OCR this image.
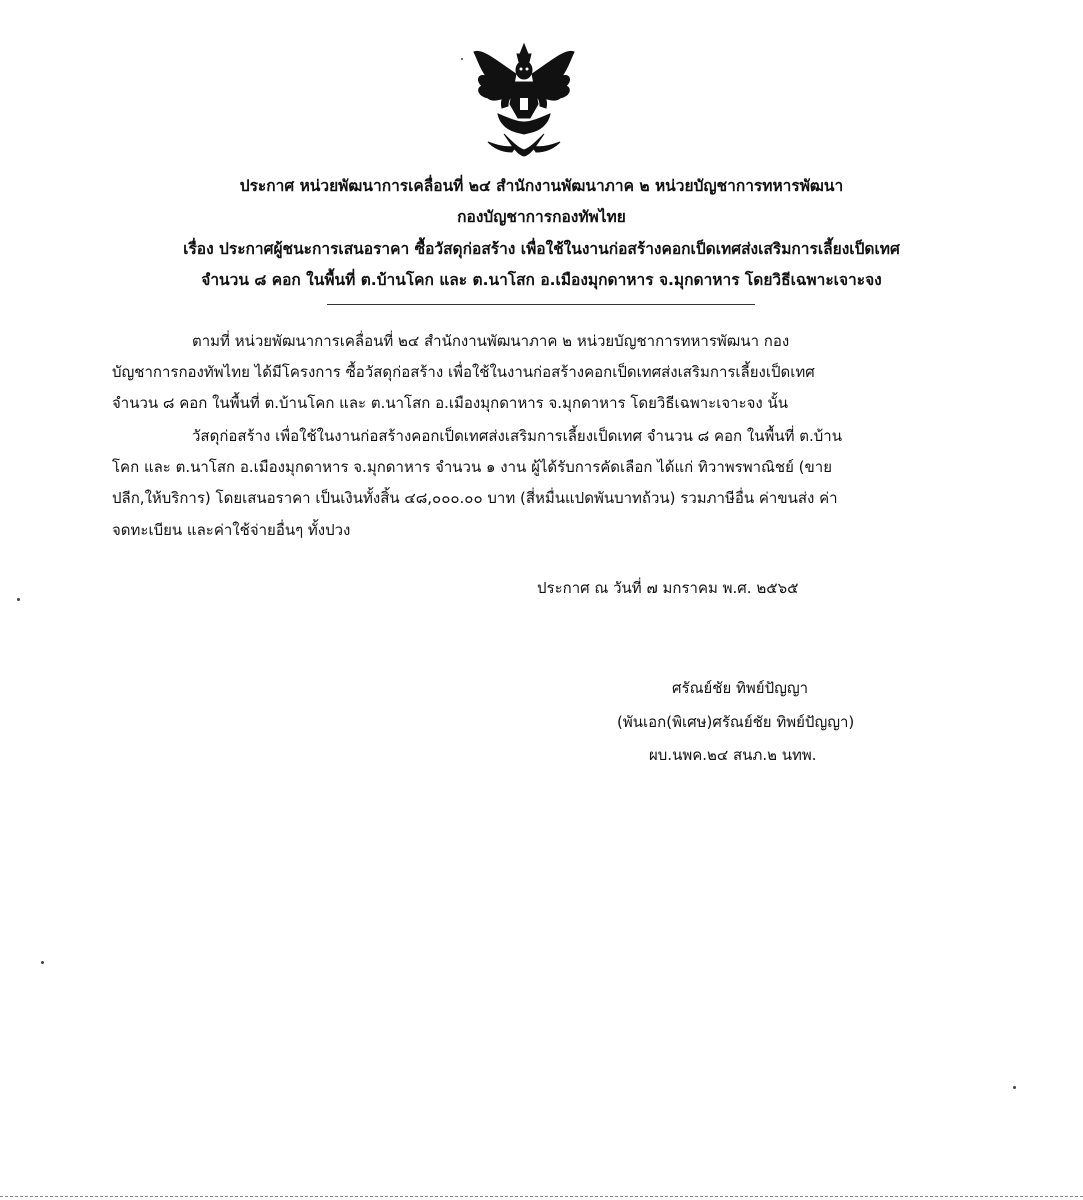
ประกาศ หน่วยพัฒนาการเคลื่อนที่ ๒๔ สำนักงานพัฒนาภาค ๒ หน่วยบัญชาการทหารพัฒนา
กองบัญชาการกองทัพไทย
เรื่อง ประกาศผู้ชนะการเสนอราคา ซื้อวัสดุก่อสร้าง เพื่อใช้ในงานก่อสร้างคอกเป็ดเทศส่งเสริมการเลี้ยงเป็ดเทศ
จำนวน ๘ คอก ในพื้นที่ ต.บ้านโคก และ ต.นาโสก อ.เมืองมุกดาหาร จ.มุกดาหาร โดยวิธีเฉพาะเจาะจง
ตามที่ หน่วยพัฒนาการเคลื่อนที่ ๒๔ สำนักงานพัฒนาภาค ๒ หน่วยบัญชาการทหารพัฒนา กอง
บัญชาการกองทัพไทย ได้มีโครงการ ซื้อวัสดุก่อสร้าง เพื่อใช้ในงานก่อสร้างคอกเป็ดเทศส่งเสริมการเลี้ยงเป็ดเทศ
จำนวน ๘ คอก ในพื้นที่ ต.บ้านโคก และ ต.นาโสก อ.เมืองมุกดาหาร จ.มุกดาหาร โดยวิธีเฉพาะเจาะจง นั้น
วัสดุก่อสร้าง เพื่อใช้ในงานก่อสร้างคอกเป็ดเทศส่งเสริมการเลี้ยงเป็ดเทศ จำนวน ๘ คอก ในพื้นที่ ต.บ้าน
โคก และ ต.นาโสก อ.เมืองมุกดาหาร จ.มุกดาหาร จำนวน ๑ งาน ผู้ได้รับการคัดเลือก ได้แก่ ทิวาพรพาณิชย์ (ขาย
ปลีก,ให้บริการ) โดยเสนอราคา เป็นเงินทั้งสิ้น ๔๘,๐๐๐.๐๐ บาท (สี่หมื่นแปดพันบาทถ้วน) รวมภาษีอื่น ค่าขนส่ง ค่า
จดทะเบียน และค่าใช้จ่ายอื่นๆ ทั้งปวง
ประกาศ ณ วันที่ ๗ มกราคม พ.ศ. ๒๕๖๕
ศรัณย์ชัย ทิพย์ปัญญา
(พันเอก(พิเศษ)ศรัณย์ชัย ทิพย์ปัญญา)
ผบ.นพค.๒๔ สนภ.๒ นทพ.
